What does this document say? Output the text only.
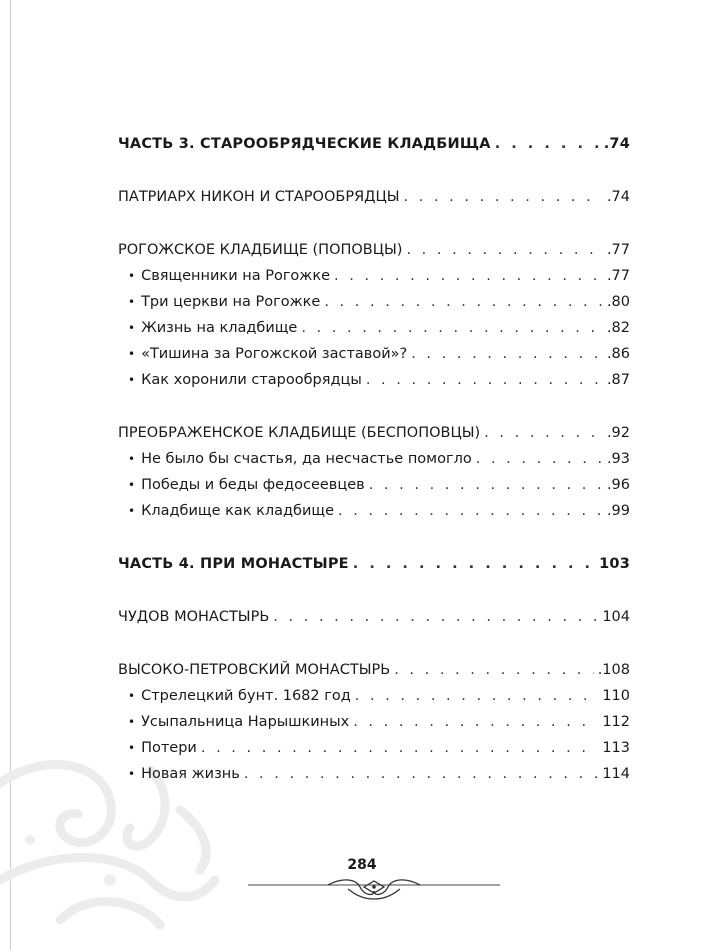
ЧАСТЬ 3. СТАРООБРЯДЧЕСКИЕ КЛАДБИЩА . . .	.74
ПАТРИАРХ НИКОН И СТАРООБРЯДЦЫ . . .	.74
РОГОЖСКОЕ КЛАДБИЩЕ (ПОПОВЦЫ) . . .	.77
• Священники на Рогожке . . .	.77
• Три церкви на Рогожке . . .	.80
• Жизнь на кладбище . . .	.82
• «Тишина за Рогожской заставой»? . . .	.86
• Как хоронили старообрядцы . . .	.87
ПРЕОБРАЖЕНСКОЕ КЛАДБИЩЕ (БЕСПОПОВЦЫ) . . .	.92
• Не было бы счастья, да несчастье помогло . . .	.93
• Победы и беды федосеевцев . . .	.96
• Кладбище как кладбище . . .	.99
ЧАСТЬ 4. ПРИ МОНАСТЫРЕ . . .	103
ЧУДОВ МОНАСТЫРЬ . . .	104
ВЫСОКО-ПЕТРОВСКИЙ МОНАСТЫРЬ . . .	.108
• Стрелецкий бунт. 1682 год . . .	110
• Усыпальница Нарышкиных . . .	112
• Потери . . .	113
• Новая жизнь . . .	114
284
